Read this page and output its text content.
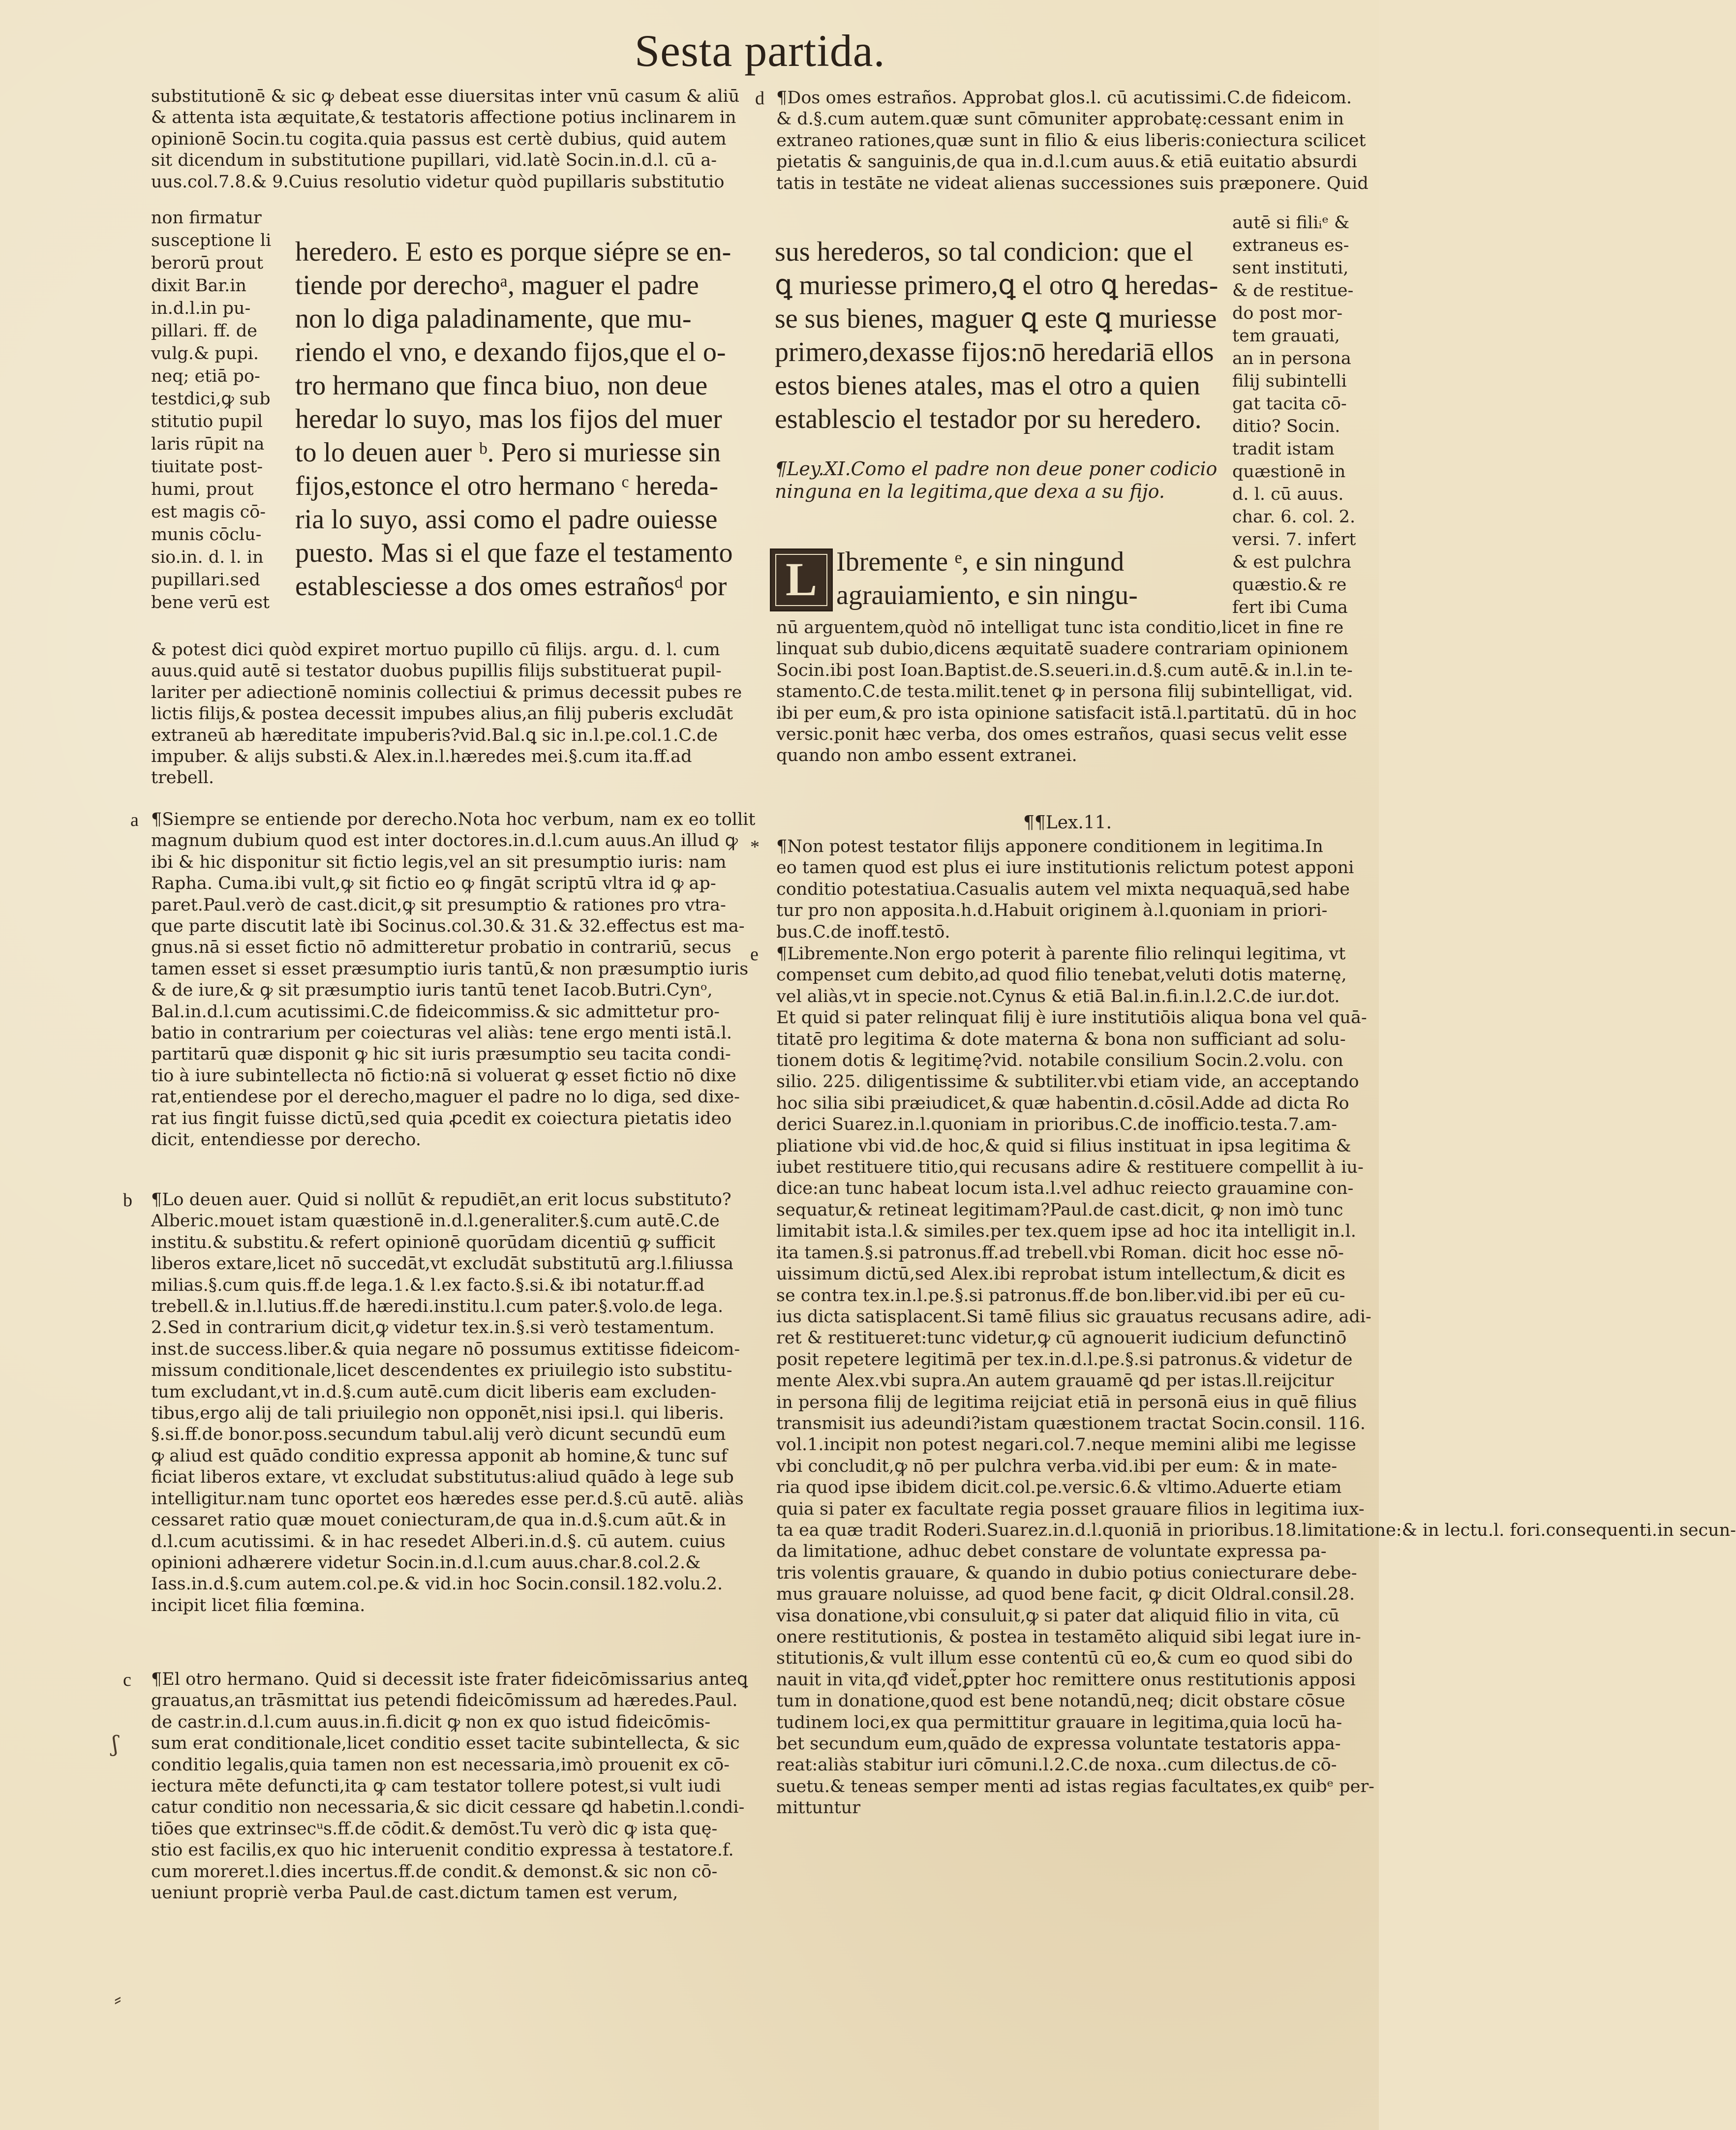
Sesta partida.
substitutionē & sic ꝙ debeat esse diuersitas inter vnū casum & aliū
& attenta ista æquitate,& testatoris affectione potius inclinarem in
opinionē Socin.tu cogita.quia passus est certè dubius, quid autem
sit dicendum in substitutione pupillari, vid.latè Socin.in.d.l. cū a-
uus.col.7.8.& 9.Cuius resolutio videtur quòd pupillaris substitutio
non firmatur
susceptione li
berorū prout
dixit Bar.in
in.d.l.in pu-
pillari. ff. de
vulg.& pupi.
neq; etiā po-
testdici,ꝙ sub
stitutio pupil
laris rūpit na
tiuitate post-
humi, prout
est magis cō-
munis cōclu-
sio.in. d. l. in
pupillari.sed
bene verū est
heredero. E esto es porque siépre se en-
tiende por derechoᵃ, maguer el padre
non lo diga paladinamente, que mu-
riendo el vno, e dexando fijos,que el o-
tro hermano que finca biuo, non deue
heredar lo suyo, mas los fijos del muer
to lo deuen auer ᵇ. Pero si muriesse sin
fijos,estonce el otro hermano ᶜ hereda-
ria lo suyo, assi como el padre ouiesse
puesto. Mas si el que faze el testamento
establesciesse a dos omes estrañosᵈ por
& potest dici quòd expiret mortuo pupillo cū filijs. argu. d. l. cum
auus.quid autē si testator duobus pupillis filijs substituerat pupil-
lariter per adiectionē nominis collectiui & primus decessit pubes re
lictis filijs,& postea decessit impubes alius,an filij puberis excludāt
extraneū ab hæreditate impuberis?vid.Bal.ꝗ sic in.l.pe.col.1.C.de
impuber. & alijs substi.& Alex.in.l.hæredes mei.§.cum ita.ff.ad
trebell.
a ¶Siempre se entiende por derecho.Nota hoc verbum, nam ex eo tollit
magnum dubium quod est inter doctores.in.d.l.cum auus.An illud ꝙ
ibi & hic disponitur sit fictio legis,vel an sit presumptio iuris: nam
Rapha. Cuma.ibi vult,ꝙ sit fictio eo ꝙ fingāt scriptū vltra id ꝙ ap-
paret.Paul.verò de cast.dicit,ꝙ sit presumptio & rationes pro vtra-
que parte discutit latè ibi Socinus.col.30.& 31.& 32.effectus est ma-
gnus.nā si esset fictio nō admitteretur probatio in contrariū, secus
tamen esset si esset præsumptio iuris tantū,& non præsumptio iuris
& de iure,& ꝙ sit præsumptio iuris tantū tenet Iacob.Butri.Cynᵒ,
Bal.in.d.l.cum acutissimi.C.de fideicommiss.& sic admittetur pro-
batio in contrarium per coiecturas vel aliàs: tene ergo menti istā.l.
partitarū quæ disponit ꝙ hic sit iuris præsumptio seu tacita condi-
tio à iure subintellecta nō fictio:nā si voluerat ꝙ esset fictio nō dixe
rat,entiendese por el derecho,maguer el padre no lo diga, sed dixe-
rat ius fingit fuisse dictū,sed quia ꝓcedit ex coiectura pietatis ideo
dicit, entendiesse por derecho.
b ¶Lo deuen auer. Quid si nollūt & repudiēt,an erit locus substituto?
Alberic.mouet istam quæstionē in.d.l.generaliter.§.cum autē.C.de
institu.& substitu.& refert opinionē quorūdam dicentiū ꝙ sufficit
liberos extare,licet nō succedāt,vt excludāt substitutū arg.l.filiussa
milias.§.cum quis.ff.de lega.1.& l.ex facto.§.si.& ibi notatur.ff.ad
trebell.& in.l.lutius.ff.de hæredi.institu.l.cum pater.§.volo.de lega.
2.Sed in contrarium dicit,ꝙ videtur tex.in.§.si verò testamentum.
inst.de success.liber.& quia negare nō possumus extitisse fideicom-
missum conditionale,licet descendentes ex priuilegio isto substitu-
tum excludant,vt in.d.§.cum autē.cum dicit liberis eam excluden-
tibus,ergo alij de tali priuilegio non opponēt,nisi ipsi.l. qui liberis.
§.si.ff.de bonor.poss.secundum tabul.alij verò dicunt secundū eum
ꝙ aliud est quādo conditio expressa apponit ab homine,& tunc suf
ficiat liberos extare, vt excludat substitutus:aliud quādo à lege sub
intelligitur.nam tunc oportet eos hæredes esse per.d.§.cū autē. aliàs
cessaret ratio quæ mouet coniecturam,de qua in.d.§.cum aūt.& in
d.l.cum acutissimi. & in hac resedet Alberi.in.d.§. cū autem. cuius
opinioni adhærere videtur Socin.in.d.l.cum auus.char.8.col.2.&
Iass.in.d.§.cum autem.col.pe.& vid.in hoc Socin.consil.182.volu.2.
incipit licet filia fœmina.
c ¶El otro hermano. Quid si decessit iste frater fideicōmissarius anteꝗ
grauatus,an trāsmittat ius petendi fideicōmissum ad hæredes.Paul.
de castr.in.d.l.cum auus.in.fi.dicit ꝙ non ex quo istud fideicōmis-
sum erat conditionale,licet conditio esset tacite subintellecta, & sic
conditio legalis,quia tamen non est necessaria,imò prouenit ex cō-
iectura mēte defuncti,ita ꝙ cam testator tollere potest,si vult iudi
catur conditio non necessaria,& sic dicit cessare ꝗd habetin.l.condi-
tiōes que extrinsecᵘs.ff.de cōdit.& demōst.Tu verò dic ꝙ ista quę-
stio est facilis,ex quo hic interuenit conditio expressa à testatore.f.
cum moreret.l.dies incertus.ff.de condit.& demonst.& sic non cō-
ueniunt propriè verba Paul.de cast.dictum tamen est verum,
d ¶Dos omes estraños. Approbat glos.l. cū acutissimi.C.de fideicom.
& d.§.cum autem.quæ sunt cōmuniter approbatę:cessant enim in
extraneo rationes,quæ sunt in filio & eius liberis:coniectura scilicet
pietatis & sanguinis,de qua in.d.l.cum auus.& etiā euitatio absurdi
tatis in testāte ne videat alienas successiones suis præponere. Quid
sus herederos, so tal condicion: que el
ꝗ muriesse primero,ꝗ el otro ꝗ heredas-
se sus bienes, maguer ꝗ este ꝗ muriesse
primero,dexasse fijos:nō heredariā ellos
estos bienes atales, mas el otro a quien
establescio el testador por su heredero.
autē si filiᵢᵉ &
extraneus es-
sent instituti,
& de restitue-
do post mor-
tem grauati,
an in persona
filij subintelli
gat tacita cō-
ditio? Socin.
tradit istam
quæstionē in
d. l. cū auus.
char. 6. col. 2.
versi. 7. infert
& est pulchra
quæstio.& re
fert ibi Cuma
¶Ley.XI.Como el padre non deue poner codicio
ninguna en la legitima,que dexa a su fijo.
L Ibremente ᵉ, e sin ningund
agrauiamiento, e sin ningu-
nū arguentem,quòd nō intelligat tunc ista conditio,licet in fine re
linquat sub dubio,dicens æquitatē suadere contrariam opinionem
Socin.ibi post Ioan.Baptist.de.S.seueri.in.d.§.cum autē.& in.l.in te-
stamento.C.de testa.milit.tenet ꝙ in persona filij subintelligat, vid.
ibi per eum,& pro ista opinione satisfacit istā.l.partitatū. dū in hoc
versic.ponit hæc verba, dos omes estraños, quasi secus velit esse
quando non ambo essent extranei.
¶¶Lex.11.
* ¶Non potest testator filijs apponere conditionem in legitima.In
eo tamen quod est plus ei iure institutionis relictum potest apponi
conditio potestatiua.Casualis autem vel mixta nequaquā,sed habe
tur pro non apposita.h.d.Habuit originem à.l.quoniam in priori-
bus.C.de inoff.testō.
e ¶Libremente.Non ergo poterit à parente filio relinqui legitima, vt
compenset cum debito,ad quod filio tenebat,veluti dotis maternę,
vel aliàs,vt in specie.not.Cynus & etiā Bal.in.fi.in.l.2.C.de iur.dot.
Et quid si pater relinquat filij è iure institutiōis aliqua bona vel quā-
titatē pro legitima & dote materna & bona non sufficiant ad solu-
tionem dotis & legitimę?vid. notabile consilium Socin.2.volu. con
silio. 225. diligentissime & subtiliter.vbi etiam vide, an acceptando
hoc silia sibi præiudicet,& quæ habentin.d.cōsil.Adde ad dicta Ro
derici Suarez.in.l.quoniam in prioribus.C.de inofficio.testa.7.am-
pliatione vbi vid.de hoc,& quid si filius instituat in ipsa legitima &
iubet restituere titio,qui recusans adire & restituere compellit à iu-
dice:an tunc habeat locum ista.l.vel adhuc reiecto grauamine con-
sequatur,& retineat legitimam?Paul.de cast.dicit, ꝙ non imò tunc
limitabit ista.l.& similes.per tex.quem ipse ad hoc ita intelligit in.l.
ita tamen.§.si patronus.ff.ad trebell.vbi Roman. dicit hoc esse nō-
uissimum dictū,sed Alex.ibi reprobat istum intellectum,& dicit es
se contra tex.in.l.pe.§.si patronus.ff.de bon.liber.vid.ibi per eū cu-
ius dicta satisplacent.Si tamē filius sic grauatus recusans adire, adi-
ret & restitueret:tunc videtur,ꝙ cū agnouerit iudicium defunctinō
posit repetere legitimā per tex.in.d.l.pe.§.si patronus.& videtur de
mente Alex.vbi supra.An autem grauamē ꝗd per istas.ll.reijcitur
in persona filij de legitima reijciat etiā in personā eius in quē filius
transmisit ius adeundi?istam quæstionem tractat Socin.consil. 116.
vol.1.incipit non potest negari.col.7.neque memini alibi me legisse
vbi concludit,ꝙ nō per pulchra verba.vid.ibi per eum: & in mate-
ria quod ipse ibidem dicit.col.pe.versic.6.& vltimo.Aduerte etiam
quia si pater ex facultate regia posset grauare filios in legitima iux-
ta ea quæ tradit Roderi.Suarez.in.d.l.quoniā in prioribus.18.limitatione:& in lectu.l. fori.consequenti.in secun-
da limitatione, adhuc debet constare de voluntate expressa pa-
tris volentis grauare, & quando in dubio potius coniecturare debe-
mus grauare noluisse, ad quod bene facit, ꝙ dicit Oldral.consil.28.
visa donatione,vbi consuluit,ꝙ si pater dat aliquid filio in vita, cū
onere restitutionis, & postea in testamēto aliquid sibi legat iure in-
stitutionis,& vult illum esse contentū cū eo,& cum eo quod sibi do
nauit in vita,qđ videt̃,ꝑpter hoc remittere onus restitutionis apposi
tum in donatione,quod est bene notandū,neq; dicit obstare cōsue
tudinem loci,ex qua permittitur grauare in legitima,quia locū ha-
bet secundum eum,quādo de expressa voluntate testatoris appa-
reat:aliàs stabitur iuri cōmuni.l.2.C.de noxa..cum dilectus.de cō-
suetu.& teneas semper menti ad istas regias facultates,ex quibᵉ per-
mittuntur
ʃ
⸗
